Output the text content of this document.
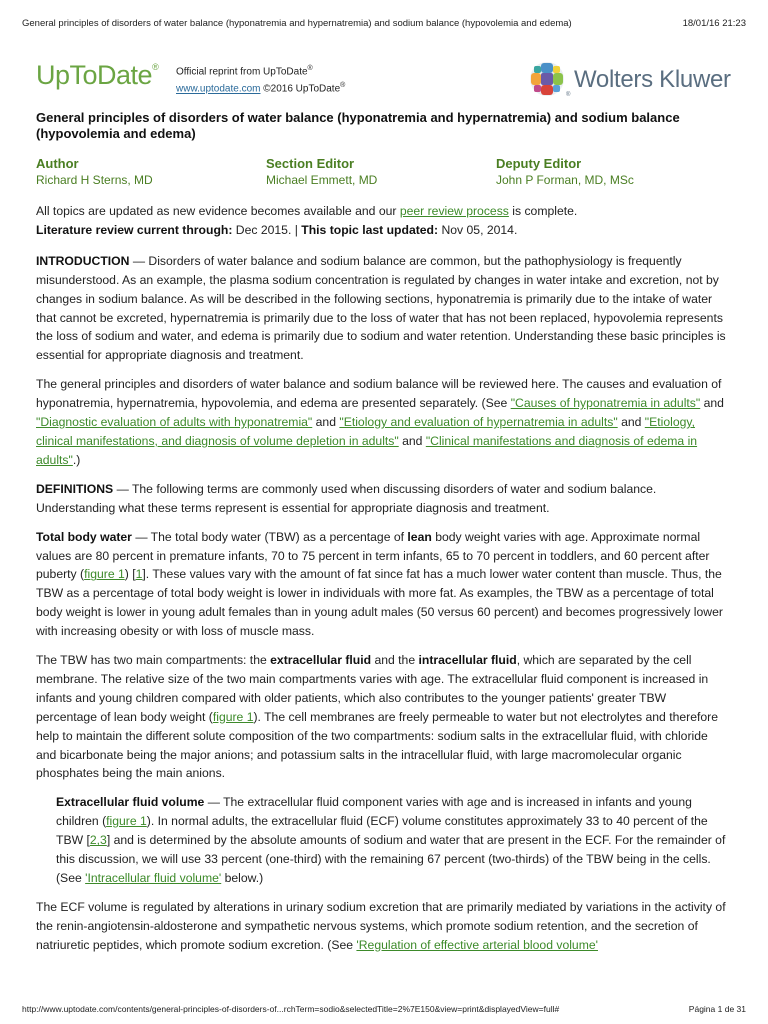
General principles of disorders of water balance (hyponatremia and hypernatremia) and sodium balance (hypovolemia and edema)	18/01/16 21:23
UpToDate® Official reprint from UpToDate®
www.uptodate.com ©2016 UpToDate®
®
Wolters Kluwer
General principles of disorders of water balance (hyponatremia and hypernatremia) and sodium balance (hypovolemia and edema)
Author
Richard H Sterns, MD
Section Editor
Michael Emmett, MD
Deputy Editor
John P Forman, MD, MSc

All topics are updated as new evidence becomes available and our peer review process is complete.
Literature review current through: Dec 2015. | This topic last updated: Nov 05, 2014.

INTRODUCTION — Disorders of water balance and sodium balance are common, but the pathophysiology is frequently misunderstood. As an example, the plasma sodium concentration is regulated by changes in water intake and excretion, not by changes in sodium balance. As will be described in the following sections, hyponatremia is primarily due to the intake of water that cannot be excreted, hypernatremia is primarily due to the loss of water that has not been replaced, hypovolemia represents the loss of sodium and water, and edema is primarily due to sodium and water retention. Understanding these basic principles is essential for appropriate diagnosis and treatment.

The general principles and disorders of water balance and sodium balance will be reviewed here. The causes and evaluation of hyponatremia, hypernatremia, hypovolemia, and edema are presented separately. (See "Causes of hyponatremia in adults" and "Diagnostic evaluation of adults with hyponatremia" and "Etiology and evaluation of hypernatremia in adults" and "Etiology, clinical manifestations, and diagnosis of volume depletion in adults" and "Clinical manifestations and diagnosis of edema in adults".)

DEFINITIONS — The following terms are commonly used when discussing disorders of water and sodium balance. Understanding what these terms represent is essential for appropriate diagnosis and treatment.

Total body water — The total body water (TBW) as a percentage of lean body weight varies with age. Approximate normal values are 80 percent in premature infants, 70 to 75 percent in term infants, 65 to 70 percent in toddlers, and 60 percent after puberty (figure 1) [1]. These values vary with the amount of fat since fat has a much lower water content than muscle. Thus, the TBW as a percentage of total body weight is lower in individuals with more fat. As examples, the TBW as a percentage of total body weight is lower in young adult females than in young adult males (50 versus 60 percent) and becomes progressively lower with increasing obesity or with loss of muscle mass.

The TBW has two main compartments: the extracellular fluid and the intracellular fluid, which are separated by the cell membrane. The relative size of the two main compartments varies with age. The extracellular fluid component is increased in infants and young children compared with older patients, which also contributes to the younger patients' greater TBW percentage of lean body weight (figure 1). The cell membranes are freely permeable to water but not electrolytes and therefore help to maintain the different solute composition of the two compartments: sodium salts in the extracellular fluid, with chloride and bicarbonate being the major anions; and potassium salts in the intracellular fluid, with large macromolecular organic phosphates being the main anions.

Extracellular fluid volume — The extracellular fluid component varies with age and is increased in infants and young children (figure 1). In normal adults, the extracellular fluid (ECF) volume constitutes approximately 33 to 40 percent of the TBW [2,3] and is determined by the absolute amounts of sodium and water that are present in the ECF. For the remainder of this discussion, we will use 33 percent (one-third) with the remaining 67 percent (two-thirds) of the TBW being in the cells. (See 'Intracellular fluid volume' below.)

The ECF volume is regulated by alterations in urinary sodium excretion that are primarily mediated by variations in the activity of the renin-angiotensin-aldosterone and sympathetic nervous systems, which promote sodium retention, and the secretion of natriuretic peptides, which promote sodium excretion. (See 'Regulation of effective arterial blood volume'

http://www.uptodate.com/contents/general-principles-of-disorders-of...rchTerm=sodio&selectedTitle=2%7E150&view=print&displayedView=full#	Página 1 de 31
